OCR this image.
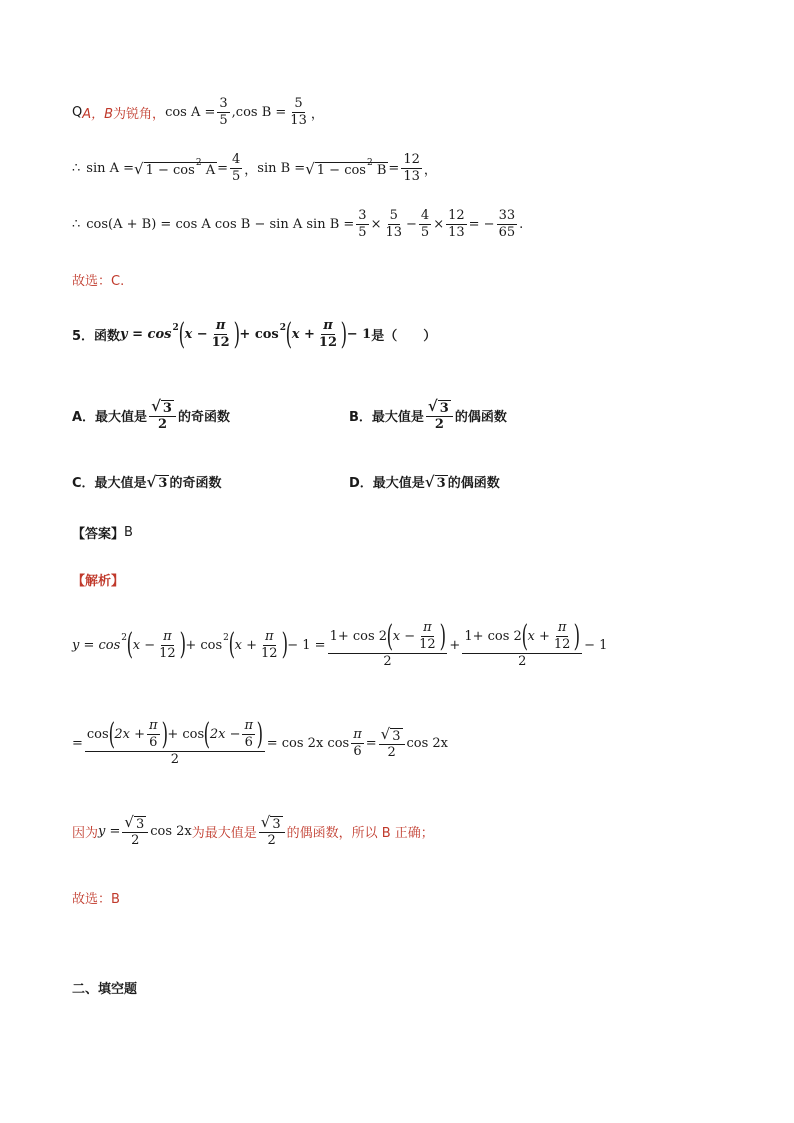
Q A，B 为锐角， $\cos A = \frac{3}{5} ,\cos$ $B = \frac{5}{13}$ ，
∴ sin A = √ 1 − cos 2
$A = \frac{4}{5}$ ， sin B = √ 1 − cos 2
$B = \frac{12}{13}$ ，
∴ cos(A + B) = cos A cos B − sin A $\sin B = \frac{3}{5} \times \frac{5}{13} - \frac{4}{5} \times \frac{12}{13}$ = − $\frac{33}{65}$ .
故选：C.
5．函数 y = cos 2 ( $x - \frac{\pi}{12}$ ) + cos 2 ( $x + \frac{\pi}{12}$ ) − 1 是（　　）
A．最大值是 $\frac{√ 3}{2}$ 的奇函数	B．最大值是 $\frac{√ 3}{2}$ 的偶函数
C．最大值是 √ 3 的奇函数	D．最大值是 √ 3 的偶函数
【答案】 B
【解析】
y = cos 2 ( $x - \frac{\pi}{12}$ ) + cos 2 ( $x + \frac{\pi}{12}$ ) − $1 = \frac{1+ \cos 2 ( x - \frac{\pi}{12} )}{2} + \frac{1+ \cos 2 ( x + \frac{\pi}{12} )}{2} - 1$
=
cos ( $2x + \frac{\pi}{6}$ ) + cos ( $2x - \frac{\pi}{6}$ )
2
= cos 2x $\cos \frac{\pi}{6} = \frac{√ 3}{2}$ cos 2x
因为 $y = \frac{√ 3}{2}$ cos 2x 为最大值是 $\frac{√ 3}{2}$ 的偶函数，所以 B 正确；
故选：B
二、填空题
